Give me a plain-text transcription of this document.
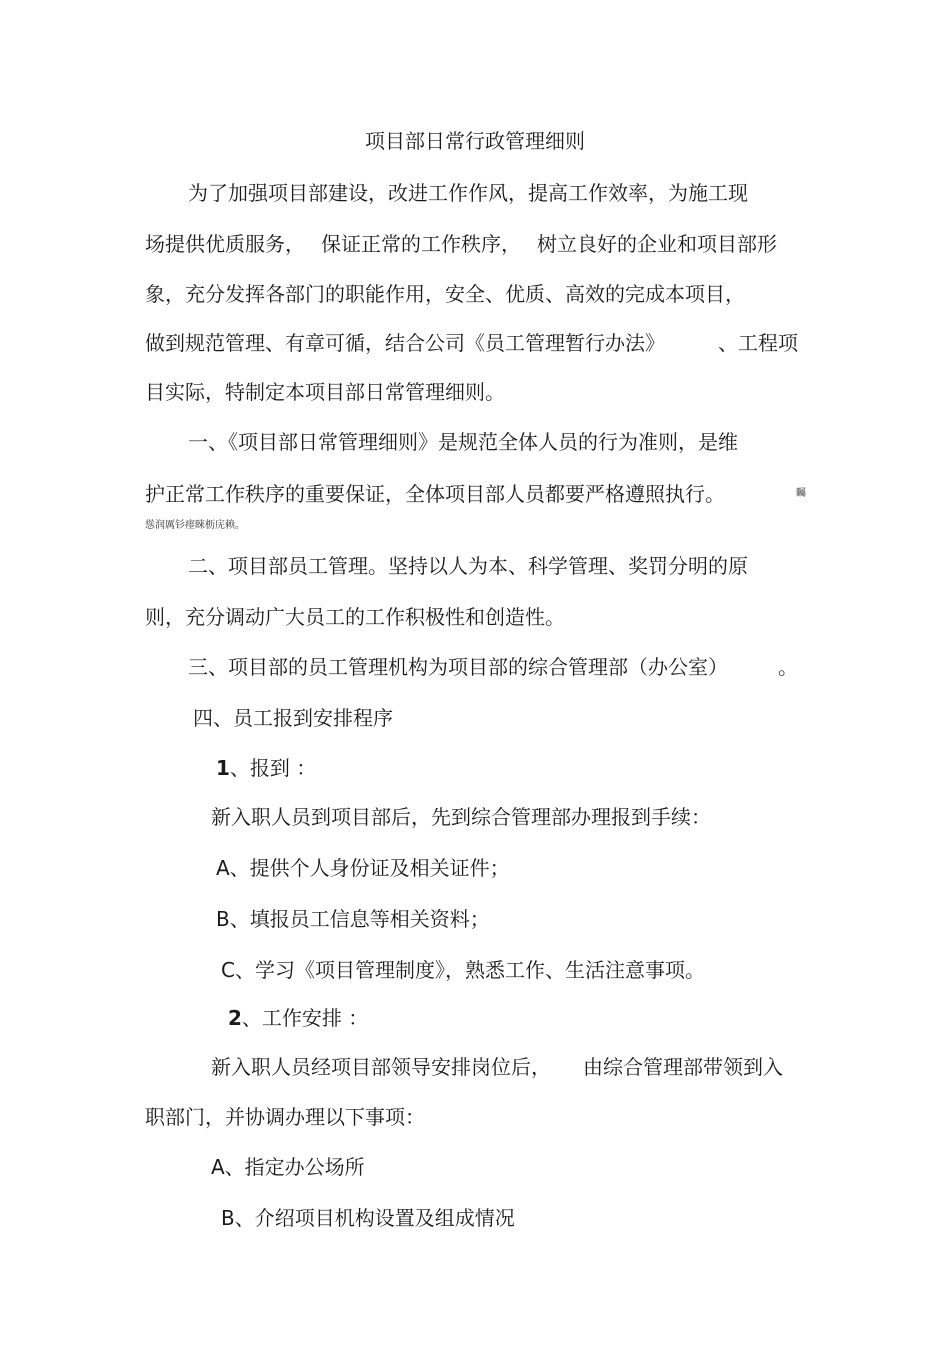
项目部日常行政管理细则
为了加强项目部建设，改进工作作风，提高工作效率，为施工现
场提供优质服务， 保证正常的工作秩序， 树立良好的企业和项目部形
象，充分发挥各部门的职能作用，安全、优质、高效的完成本项目，
做到规范管理、有章可循，结合公司《员工管理暂行办法》	、工程项
目实际，特制定本项目部日常管理细则。
一、《项目部日常管理细则》是规范全体人员的行为准则，是维
护正常工作秩序的重要保证，全体项目部人员都要严格遵照执行。	矚
慫润厲钐瘗睞枥庑赖。
二、项目部员工管理。坚持以人为本、科学管理、奖罚分明的原
则，充分调动广大员工的工作积极性和创造性。
三、项目部的员工管理机构为项目部的综合管理部（办公室）	。
四、员工报到安排程序
1、报到 ：
新入职人员到项目部后，先到综合管理部办理报到手续：
A、提供个人身份证及相关证件；
B、填报员工信息等相关资料；
C、学习《项目管理制度》，熟悉工作、生活注意事项。
2、工作安排 ：
新入职人员经项目部领导安排岗位后， 由综合管理部带领到入
职部门，并协调办理以下事项：
A、指定办公场所
B、介绍项目机构设置及组成情况
